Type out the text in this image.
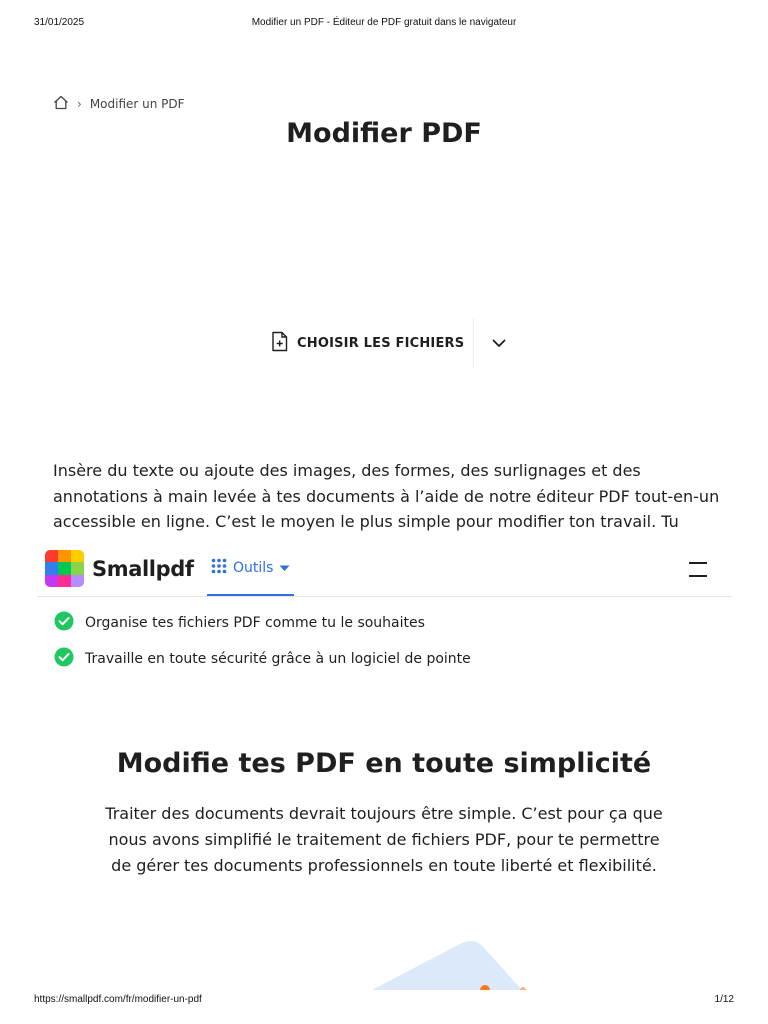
31/01/2025	Modifier un PDF - Éditeur de PDF gratuit dans le navigateur
› Modifier un PDF
Modifier PDF
CHOISIR LES FICHIERS

Insère du texte ou ajoute des images, des formes, des surlignages et des annotations à main levée à tes documents à l’aide de notre éditeur PDF tout-en-un accessible en ligne. C’est le moyen le plus simple pour modifier ton travail. Tu

Smallpdf	Outils
Organise tes fichiers PDF comme tu le souhaites
Travaille en toute sécurité grâce à un logiciel de pointe
Modifie tes PDF en toute simplicité

Traiter des documents devrait toujours être simple. C’est pour ça que nous avons simplifié le traitement de fichiers PDF, pour te permettre de gérer tes documents professionnels en toute liberté et flexibilité.

https://smallpdf.com/fr/modifier-un-pdf	1/12
